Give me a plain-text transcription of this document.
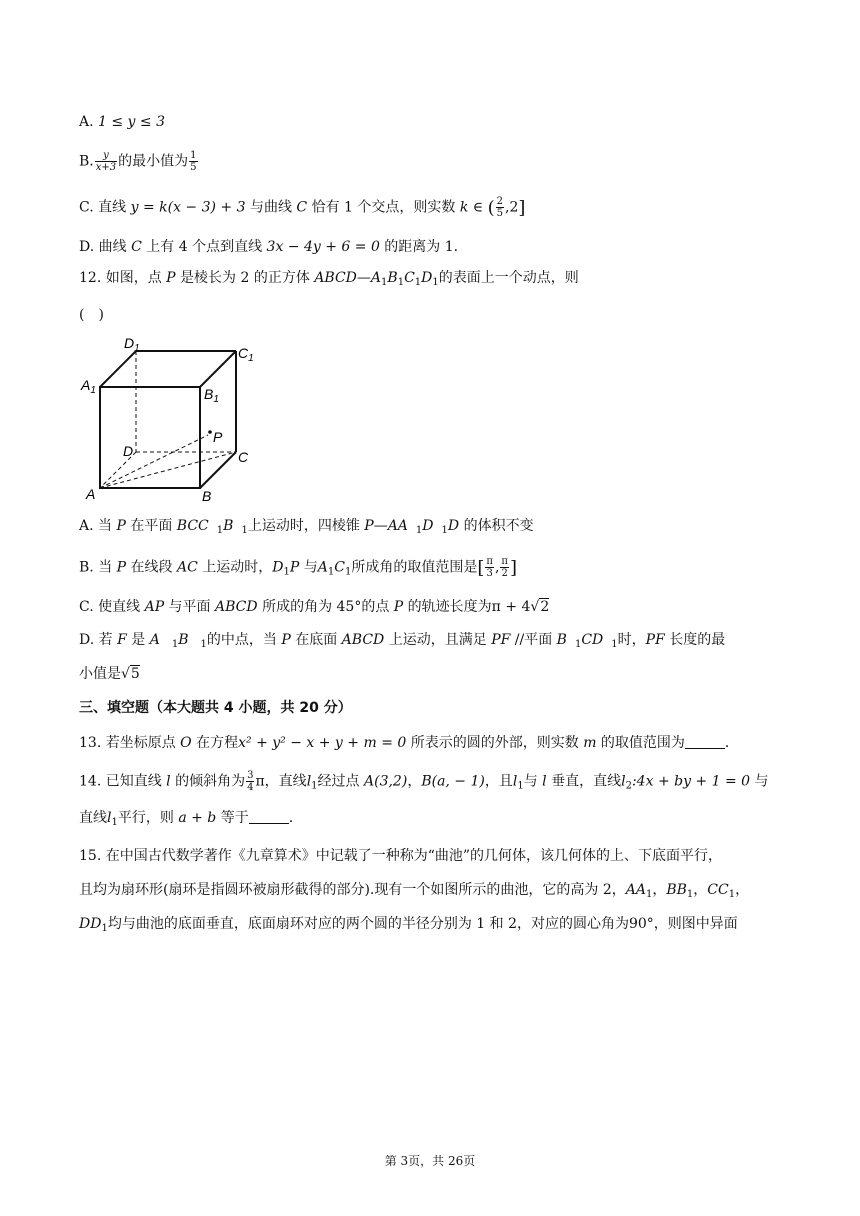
A. 1 ≤ y ≤ 3
B. $\frac{y}{x+3}$ 的最小值为 $\frac{1}{5}$
C. 直线 y = k(x − 3) + 3 与曲线 C 恰有 1 个交点，则实数 k ∈ ( $\frac{2}{5} ,2$]
D. 曲线 C 上有 4 个点到直线 3x − 4y + 6 = 0 的距离为 1.
12. 如图，点 P 是棱长为 2 的正方体 $ABCD—A_1B_1C_1D_1$的表面上一个动点，则
(　)
$D_1$	$C_1$
$A_1$	$B_1$
D	C
A	B
P
A. 当 P 在平面 BCC $_1$B $_1$上运动时，四棱锥 P—AA $_1$D $_1$D 的体积不变
B. 当 P 在线段 AC 上运动时，$D_1P$ 与$A_1C_1$所成角的取值范围是[ $\frac{\pi}{3}$ , $\frac{\pi}{2}$ ]
C. 使直线 AP 与平面 ABCD 所成的角为 45°的点 P 的轨迹长度为π + 4√2
D. 若 F 是 A $_1$B $_1$的中点，当 P 在底面 ABCD 上运动，且满足 PF //平面 B $_1$CD $_1$时，PF 长度的最
小值是√5
三、填空题（本大题共 4 小题，共 20 分）
13. 若坐标原点 O 在方程x² + y² − x + y + m = 0 所表示的圆的外部，则实数 m 的取值范围为	.
14. 已知直线 l 的倾斜角为 $\frac{3}{4}$ π，直线$l_1$经过点 A(3,2)，B(a, − 1)，且$l_1$与 l 垂直，直线$l_2:4x$ + by + 1 = 0 与
直线$l_1$平行，则 a + b 等于	.
15. 在中国古代数学著作《九章算术》中记载了一种称为“曲池”的几何体，该几何体的上、下底面平行，
且均为扇环形(扇环是指圆环被扇形截得的部分).现有一个如图所示的曲池，它的高为 2，$AA_1$，$BB_1$，$CC_1$，
$DD_1$均与曲池的底面垂直，底面扇环对应的两个圆的半径分别为 1 和 2，对应的圆心角为90°，则图中异面
第 3页，共 26页
